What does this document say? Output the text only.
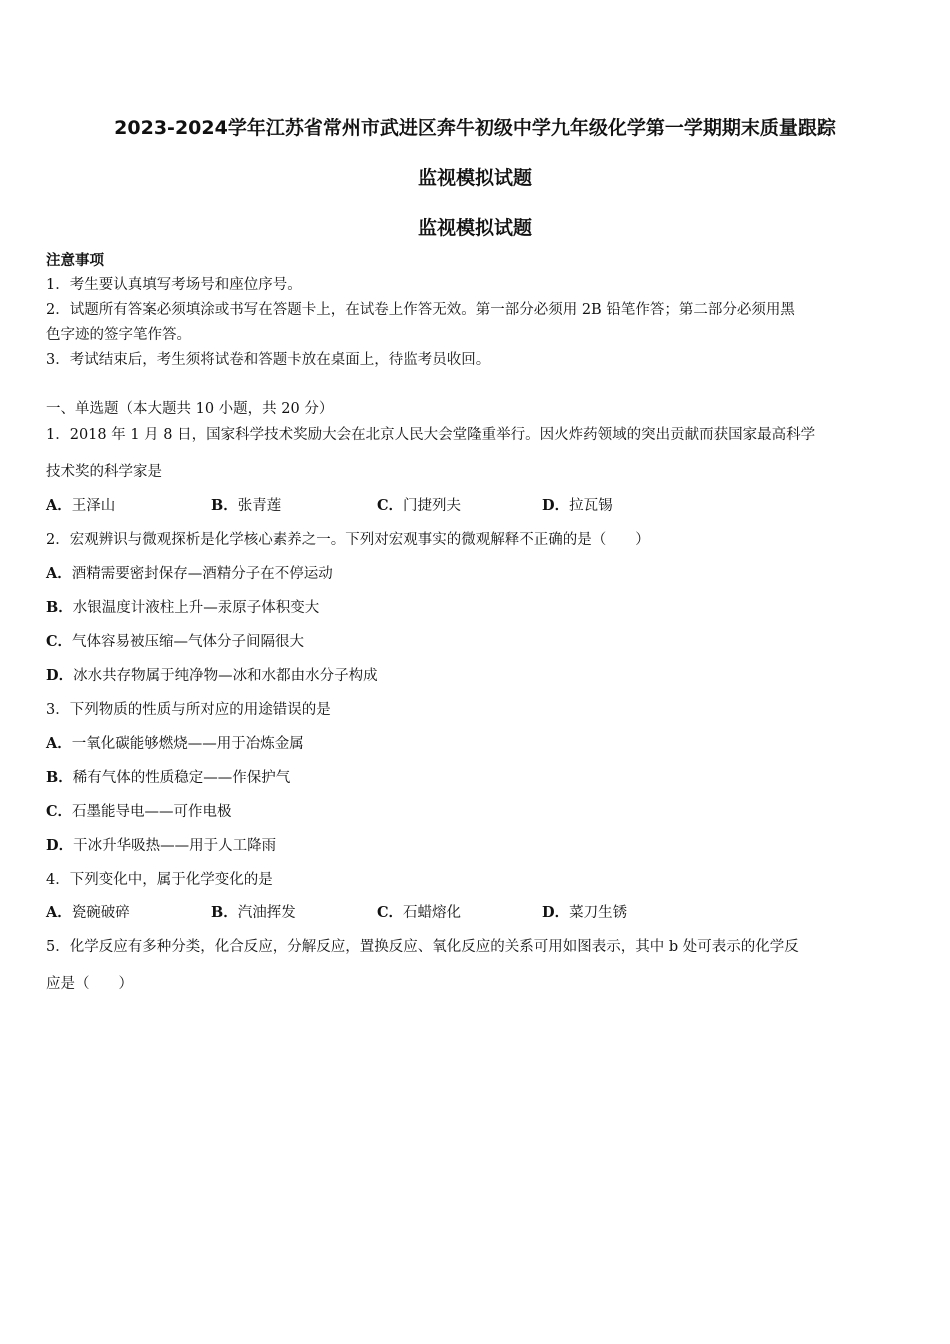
2023-2024学年江苏省常州市武进区奔牛初级中学九年级化学第一学期期末质量跟踪
监视模拟试题
监视模拟试题
注意事项
1．考生要认真填写考场号和座位序号。
2．试题所有答案必须填涂或书写在答题卡上，在试卷上作答无效。第一部分必须用 2B 铅笔作答；第二部分必须用黑
色字迹的签字笔作答。
3．考试结束后，考生须将试卷和答题卡放在桌面上，待监考员收回。
一、单选题（本大题共 10 小题，共 20 分）
1．2018 年 1 月 8 日，国家科学技术奖励大会在北京人民大会堂隆重举行。因火炸药领域的突出贡献而获国家最高科学
技术奖的科学家是
A．王泽山	B．张青莲	C．门捷列夫	D．拉瓦锡
2．宏观辨识与微观探析是化学核心素养之一。下列对宏观事实的微观解释不正确的是（　　）
A．酒精需要密封保存—酒精分子在不停运动
B．水银温度计液柱上升—汞原子体积变大
C．气体容易被压缩—气体分子间隔很大
D．冰水共存物属于纯净物—冰和水都由水分子构成
3．下列物质的性质与所对应的用途错误的是
A．一氧化碳能够燃烧——用于冶炼金属
B．稀有气体的性质稳定——作保护气
C．石墨能导电——可作电极
D．干冰升华吸热——用于人工降雨
4．下列变化中，属于化学变化的是
A．瓷碗破碎	B．汽油挥发	C．石蜡熔化	D．菜刀生锈
5．化学反应有多种分类，化合反应，分解反应，置换反应、氧化反应的关系可用如图表示，其中 b 处可表示的化学反
应是（　　）
